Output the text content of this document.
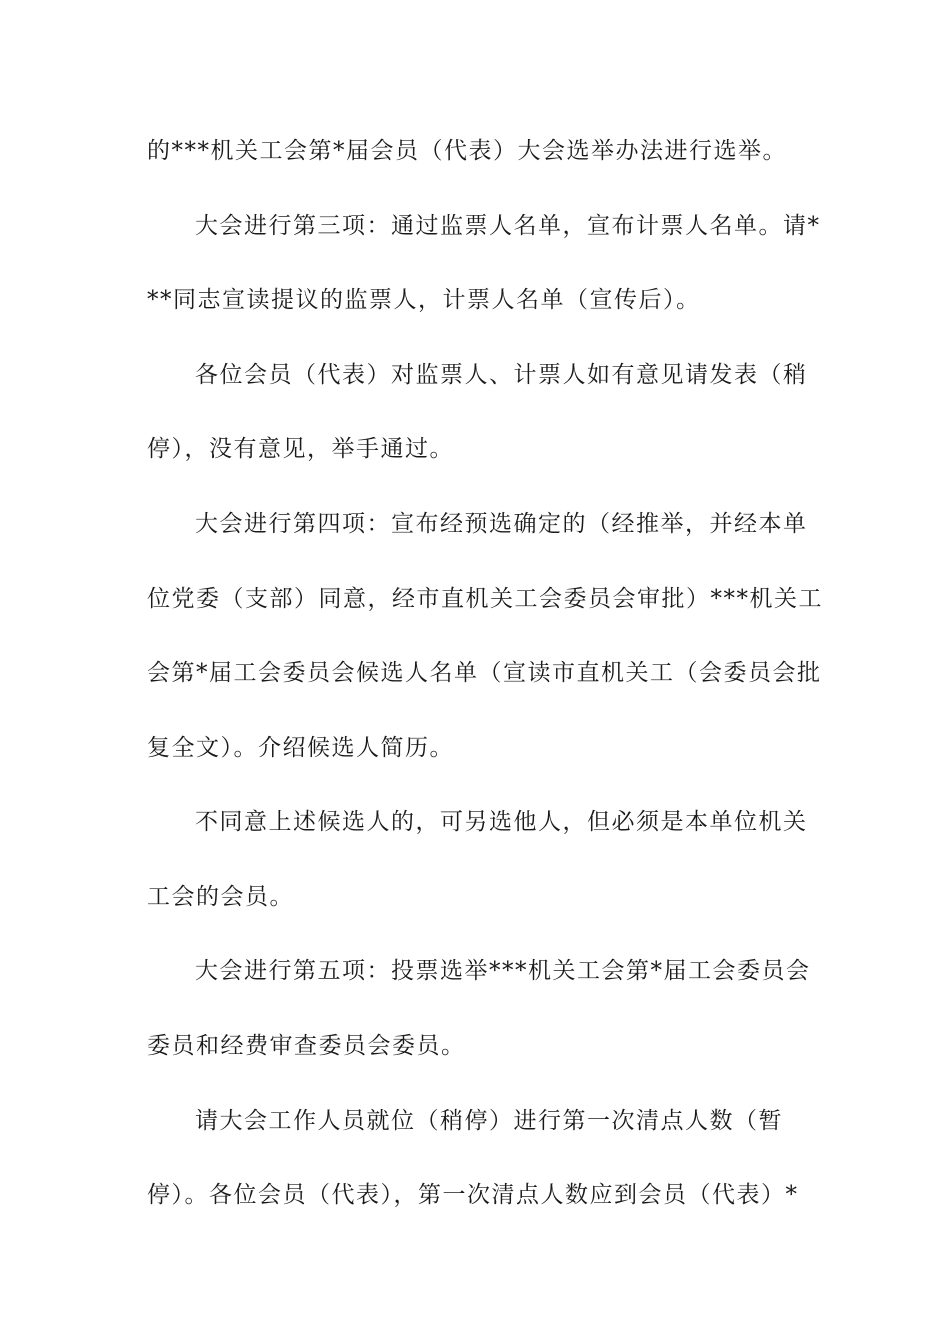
的***机关工会第*届会员（代表）大会选举办法进行选举。
大会进行第三项：通过监票人名单，宣布计票人名单。请*
**同志宣读提议的监票人，计票人名单（宣传后）。
各位会员（代表）对监票人、计票人如有意见请发表（稍
停），没有意见，举手通过。
大会进行第四项：宣布经预选确定的（经推举，并经本单
位党委（支部）同意，经市直机关工会委员会审批）***机关工
会第*届工会委员会候选人名单（宣读市直机关工（会委员会批
复全文）。介绍候选人简历。
不同意上述候选人的，可另选他人，但必须是本单位机关
工会的会员。
大会进行第五项：投票选举***机关工会第*届工会委员会
委员和经费审查委员会委员。
请大会工作人员就位（稍停）进行第一次清点人数（暂
停）。各位会员（代表），第一次清点人数应到会员（代表）*
